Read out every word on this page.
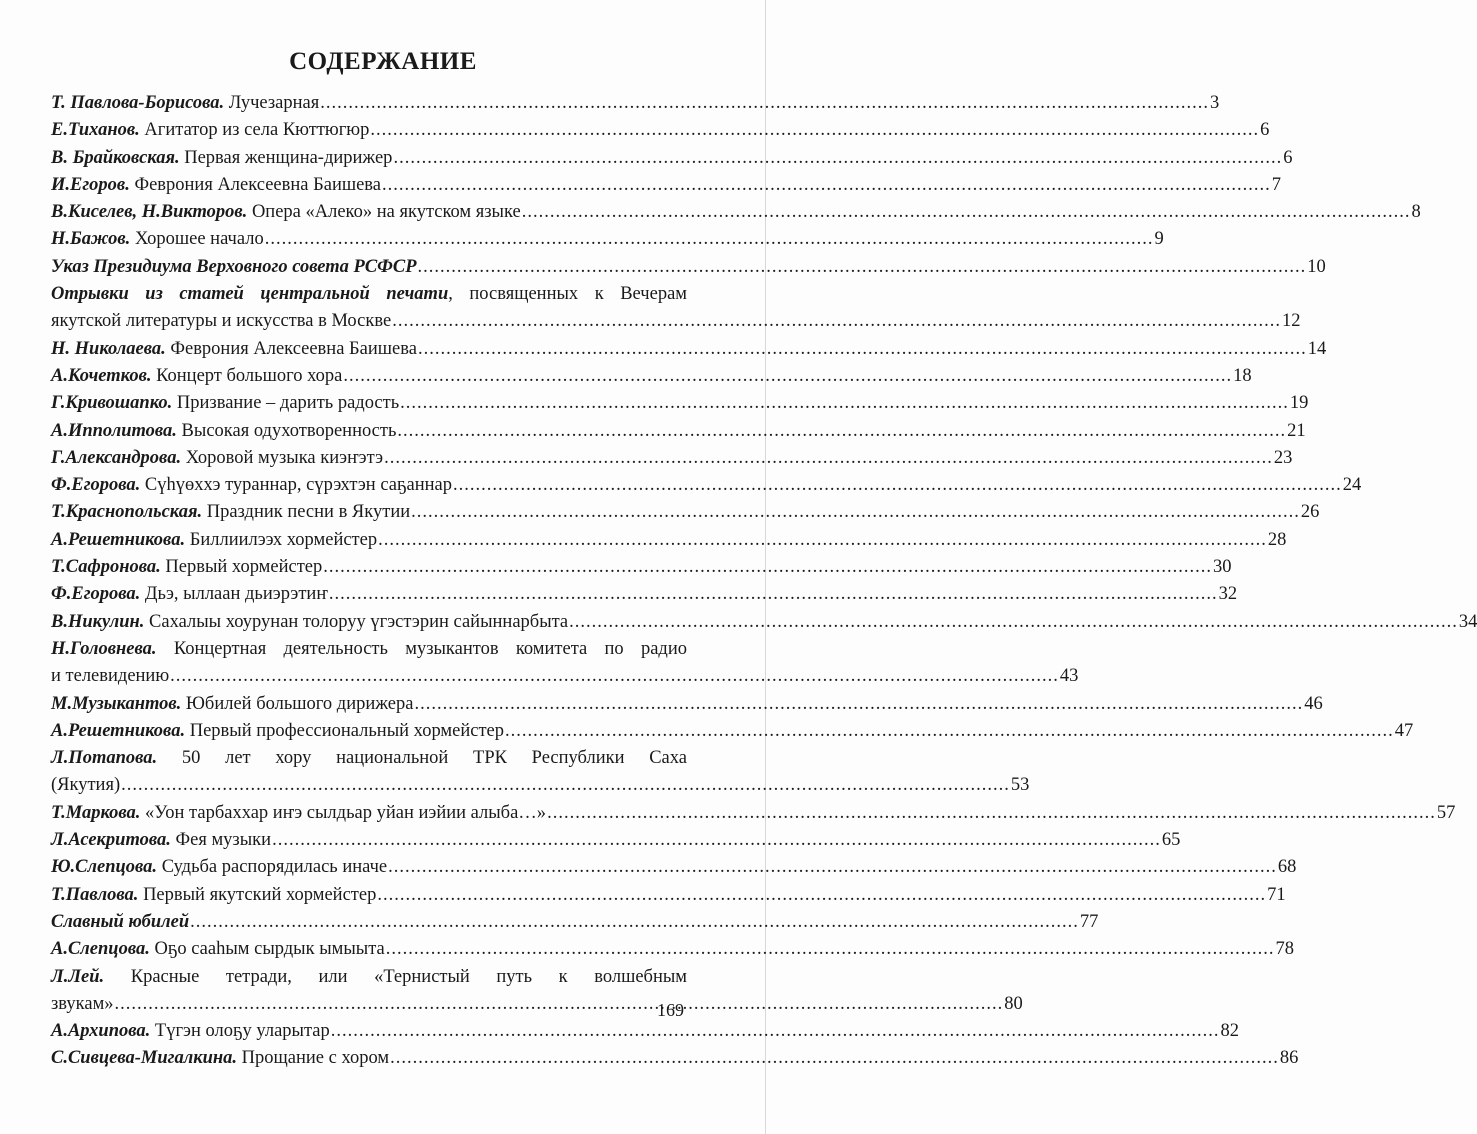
СОДЕРЖАНИЕ
Т. Павлова-Борисова. Лучезарная .....	3
Е.Тиханов. Агитатор из села Кюттюгюр .....	6
В. Брайковская. Первая женщина-дирижер .....	6
И.Егоров. Феврония Алексеевна Баишева .....	7
В.Киселев, Н.Викторов. Опера «Алеко» на якутском языке .....	8
Н.Бажов. Хорошее начало .....	9
Указ Президиума Верховного совета РСФСР .....	10
Отрывки из статей центральной печати, посвященных к Вечерам
якутской литературы и искусства в Москве .....	12
Н. Николаева. Феврония Алексеевна Баишева .....	14
А.Кочетков. Концерт большого хора .....	18
Г.Кривошапко. Призвание – дарить радость .....	19
А.Ипполитова. Высокая одухотворенность .....	21
Г.Александрова. Хоровой музыка киэҥэтэ .....	23
Ф.Егорова. Сүһүөххэ тураннар, сүрэхтэн саҕаннар .....	24
Т.Краснопольская. Праздник песни в Якутии .....	26
А.Решетникова. Биллиилээх хормейстер .....	28
Т.Сафронова. Первый хормейстер .....	30
Ф.Егорова. Дьэ, ыллаан дьиэрэтиҥ .....	32
В.Никулин. Сахалыы хоурунан толоруу үгэстэрин сайыннарбыта .....	34
Н.Головнева. Концертная деятельность музыкантов комитета по радио
и телевидению .....	43
М.Музыкантов. Юбилей большого дирижера .....	46
А.Решетникова. Первый профессиональный хормейстер .....	47
Л.Потапова. 50 лет хору национальной ТРК Республики Саха
(Якутия) .....	53
Т.Маркова. «Уон тарбаххар иҥэ сылдьар уйан иэйии алыба…» .....	57
Л.Асекритова. Фея музыки .....	65
Ю.Слепцова. Судьба распорядилась иначе .....	68
Т.Павлова. Первый якутский хормейстер .....	71
Славный юбилей .....	77
А.Слепцова. Оҕо сааһым сырдык ымыыта .....	78
Л.Лей. Красные тетради, или «Тернистый путь к волшебным
звукам» .....	80
А.Архипова. Түгэн олоҕу уларытар .....	82
С.Сивцева-Мигалкина. Прощание с хором .....	86
169
